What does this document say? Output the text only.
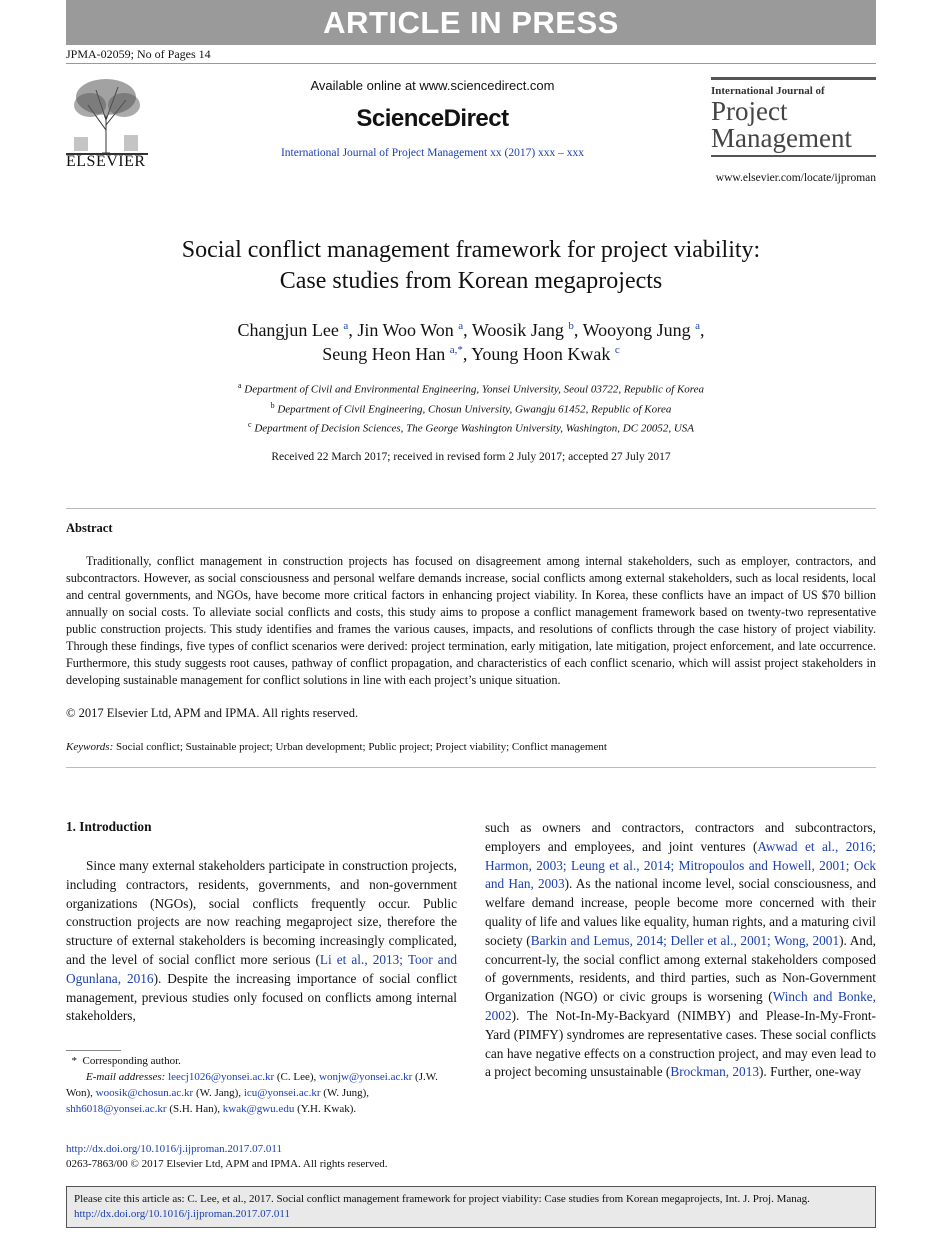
ARTICLE IN PRESS
JPMA-02059; No of Pages 14
ELSEVIER
Available online at www.sciencedirect.com
ScienceDirect
International Journal of Project Management xx (2017) xxx – xxx
International Journal of
Project
Management
www.elsevier.com/locate/ijproman
Social conflict management framework for project viability:
Case studies from Korean megaprojects
Changjun Lee $^a$, Jin Woo Won $^a$, Woosik Jang $^b$, Wooyong Jung $^a$,
Seung Heon Han $^{a,*}$, Young Hoon Kwak $^c$
$^a$ Department of Civil and Environmental Engineering, Yonsei University, Seoul 03722, Republic of Korea
$^b$ Department of Civil Engineering, Chosun University, Gwangju 61452, Republic of Korea
$^c$ Department of Decision Sciences, The George Washington University, Washington, DC 20052, USA
Received 22 March 2017; received in revised form 2 July 2017; accepted 27 July 2017
Abstract
Traditionally, conflict management in construction projects has focused on disagreement among internal stakeholders, such as employer, contractors, and subcontractors. However, as social consciousness and personal welfare demands increase, social conflicts among external stakeholders, such as local residents, local and central governments, and NGOs, have become more critical factors in enhancing project viability. In Korea, these conflicts have an impact of US $70 billion annually on social costs. To alleviate social conflicts and costs, this study aims to propose a conflict management framework based on twenty-two representative public construction projects. This study identifies and frames the various causes, impacts, and resolutions of conflicts through the case history of project viability. Through these findings, five types of conflict scenarios were derived: project termination, early mitigation, late mitigation, project enforcement, and late occurrence. Furthermore, this study suggests root causes, pathway of conflict propagation, and characteristics of each conflict scenario, which will assist project stakeholders in developing sustainable management for conflict solutions in line with each project’s unique situation.
© 2017 Elsevier Ltd, APM and IPMA. All rights reserved.
Keywords: Social conflict; Sustainable project; Urban development; Public project; Project viability; Conflict management
1. Introduction
Since many external stakeholders participate in construction projects, including contractors, residents, governments, and non-government organizations (NGOs), social conflicts frequently occur. Public construction projects are now reaching megaproject size, therefore the structure of external stakeholders is becoming increasingly complicated, and the level of social conflict more serious (Li et al., 2013; Toor and Ogunlana, 2016). Despite the increasing importance of social conflict management, previous studies only focused on conflicts among internal stakeholders,
such as owners and contractors, contractors and subcontractors, employers and employees, and joint ventures (Awwad et al., 2016; Harmon, 2003; Leung et al., 2014; Mitropoulos and Howell, 2001; Ock and Han, 2003). As the national income level, social consciousness, and welfare demand increase, people become more concerned with their quality of life and values like equality, human rights, and a maturing civil society (Barkin and Lemus, 2014; Deller et al., 2001; Wong, 2001). And, concurrent-ly, the social conflict among external stakeholders composed of governments, residents, and third parties, such as Non-Government Organization (NGO) or civic groups is worsening (Winch and Bonke, 2002). The Not-In-My-Backyard (NIMBY) and Please-In-My-Front-Yard (PIMFY) syndromes are representative cases. These social conflicts can have negative effects on a construction project, and may even lead to a project becoming unsustainable (Brockman, 2013). Further, one-way
* Corresponding author.
E-mail addresses: leecj1026@yonsei.ac.kr (C. Lee), wonjw@yonsei.ac.kr (J.W. Won), woosik@chosun.ac.kr (W. Jang), icu@yonsei.ac.kr (W. Jung), shh6018@yonsei.ac.kr (S.H. Han), kwak@gwu.edu (Y.H. Kwak).
http://dx.doi.org/10.1016/j.ijproman.2017.07.011
0263-7863/00 © 2017 Elsevier Ltd, APM and IPMA. All rights reserved.
Please cite this article as: C. Lee, et al., 2017. Social conflict management framework for project viability: Case studies from Korean megaprojects, Int. J. Proj. Manag.
http://dx.doi.org/10.1016/j.ijproman.2017.07.011
